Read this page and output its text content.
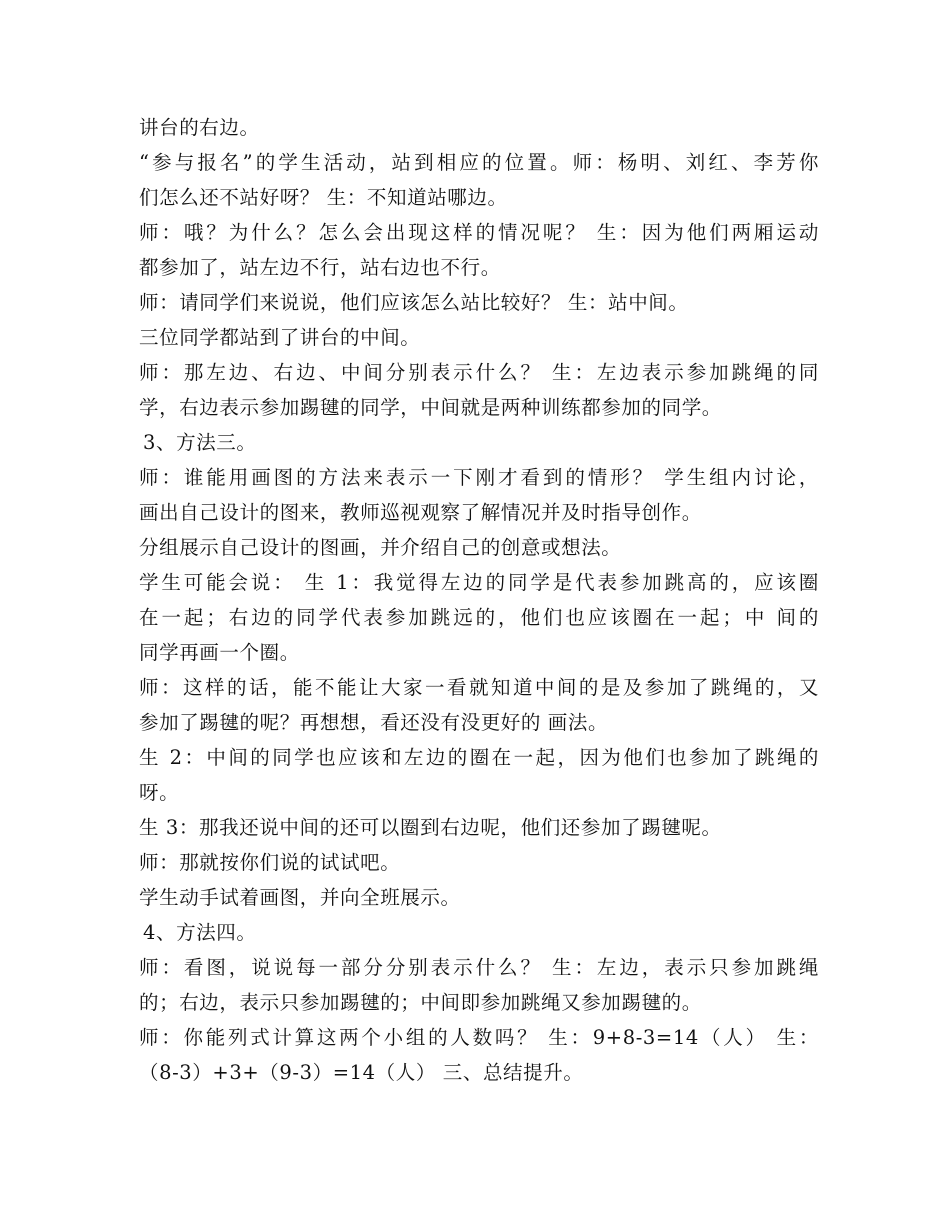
讲台的右边。
“参与报名”的学生活动，站到相应的位置。师：杨明、刘红、李芳你
们怎么还不站好呀？ 生：不知道站哪边。
师：哦？为什么？怎么会出现这样的情况呢？ 生：因为他们两厢运动
都参加了，站左边不行，站右边也不行。
师：请同学们来说说，他们应该怎么站比较好？ 生：站中间。
三位同学都站到了讲台的中间。
师：那左边、右边、中间分别表示什么？ 生：左边表示参加跳绳的同
学，右边表示参加踢毽的同学，中间就是两种训练都参加的同学。
3、方法三。
师：谁能用画图的方法来表示一下刚才看到的情形？ 学生组内讨论，
画出自己设计的图来，教师巡视观察了解情况并及时指导创作。
分组展示自己设计的图画，并介绍自己的创意或想法。
学生可能会说： 生 1：我觉得左边的同学是代表参加跳高的，应该圈
在一起；右边的同学代表参加跳远的，他们也应该圈在一起；中 间的
同学再画一个圈。
师：这样的话，能不能让大家一看就知道中间的是及参加了跳绳的，又
参加了踢毽的呢？再想想，看还没有没更好的 画法。
生 2：中间的同学也应该和左边的圈在一起，因为他们也参加了跳绳的
呀。
生 3：那我还说中间的还可以圈到右边呢，他们还参加了踢毽呢。
师：那就按你们说的试试吧。
学生动手试着画图，并向全班展示。
4、方法四。
师：看图，说说每一部分分别表示什么？ 生：左边，表示只参加跳绳
的；右边，表示只参加踢毽的；中间即参加跳绳又参加踢毽的。
师：你能列式计算这两个小组的人数吗？ 生：9+8-3=14（人） 生：
（8-3）+3+（9-3）=14（人） 三、总结提升。
